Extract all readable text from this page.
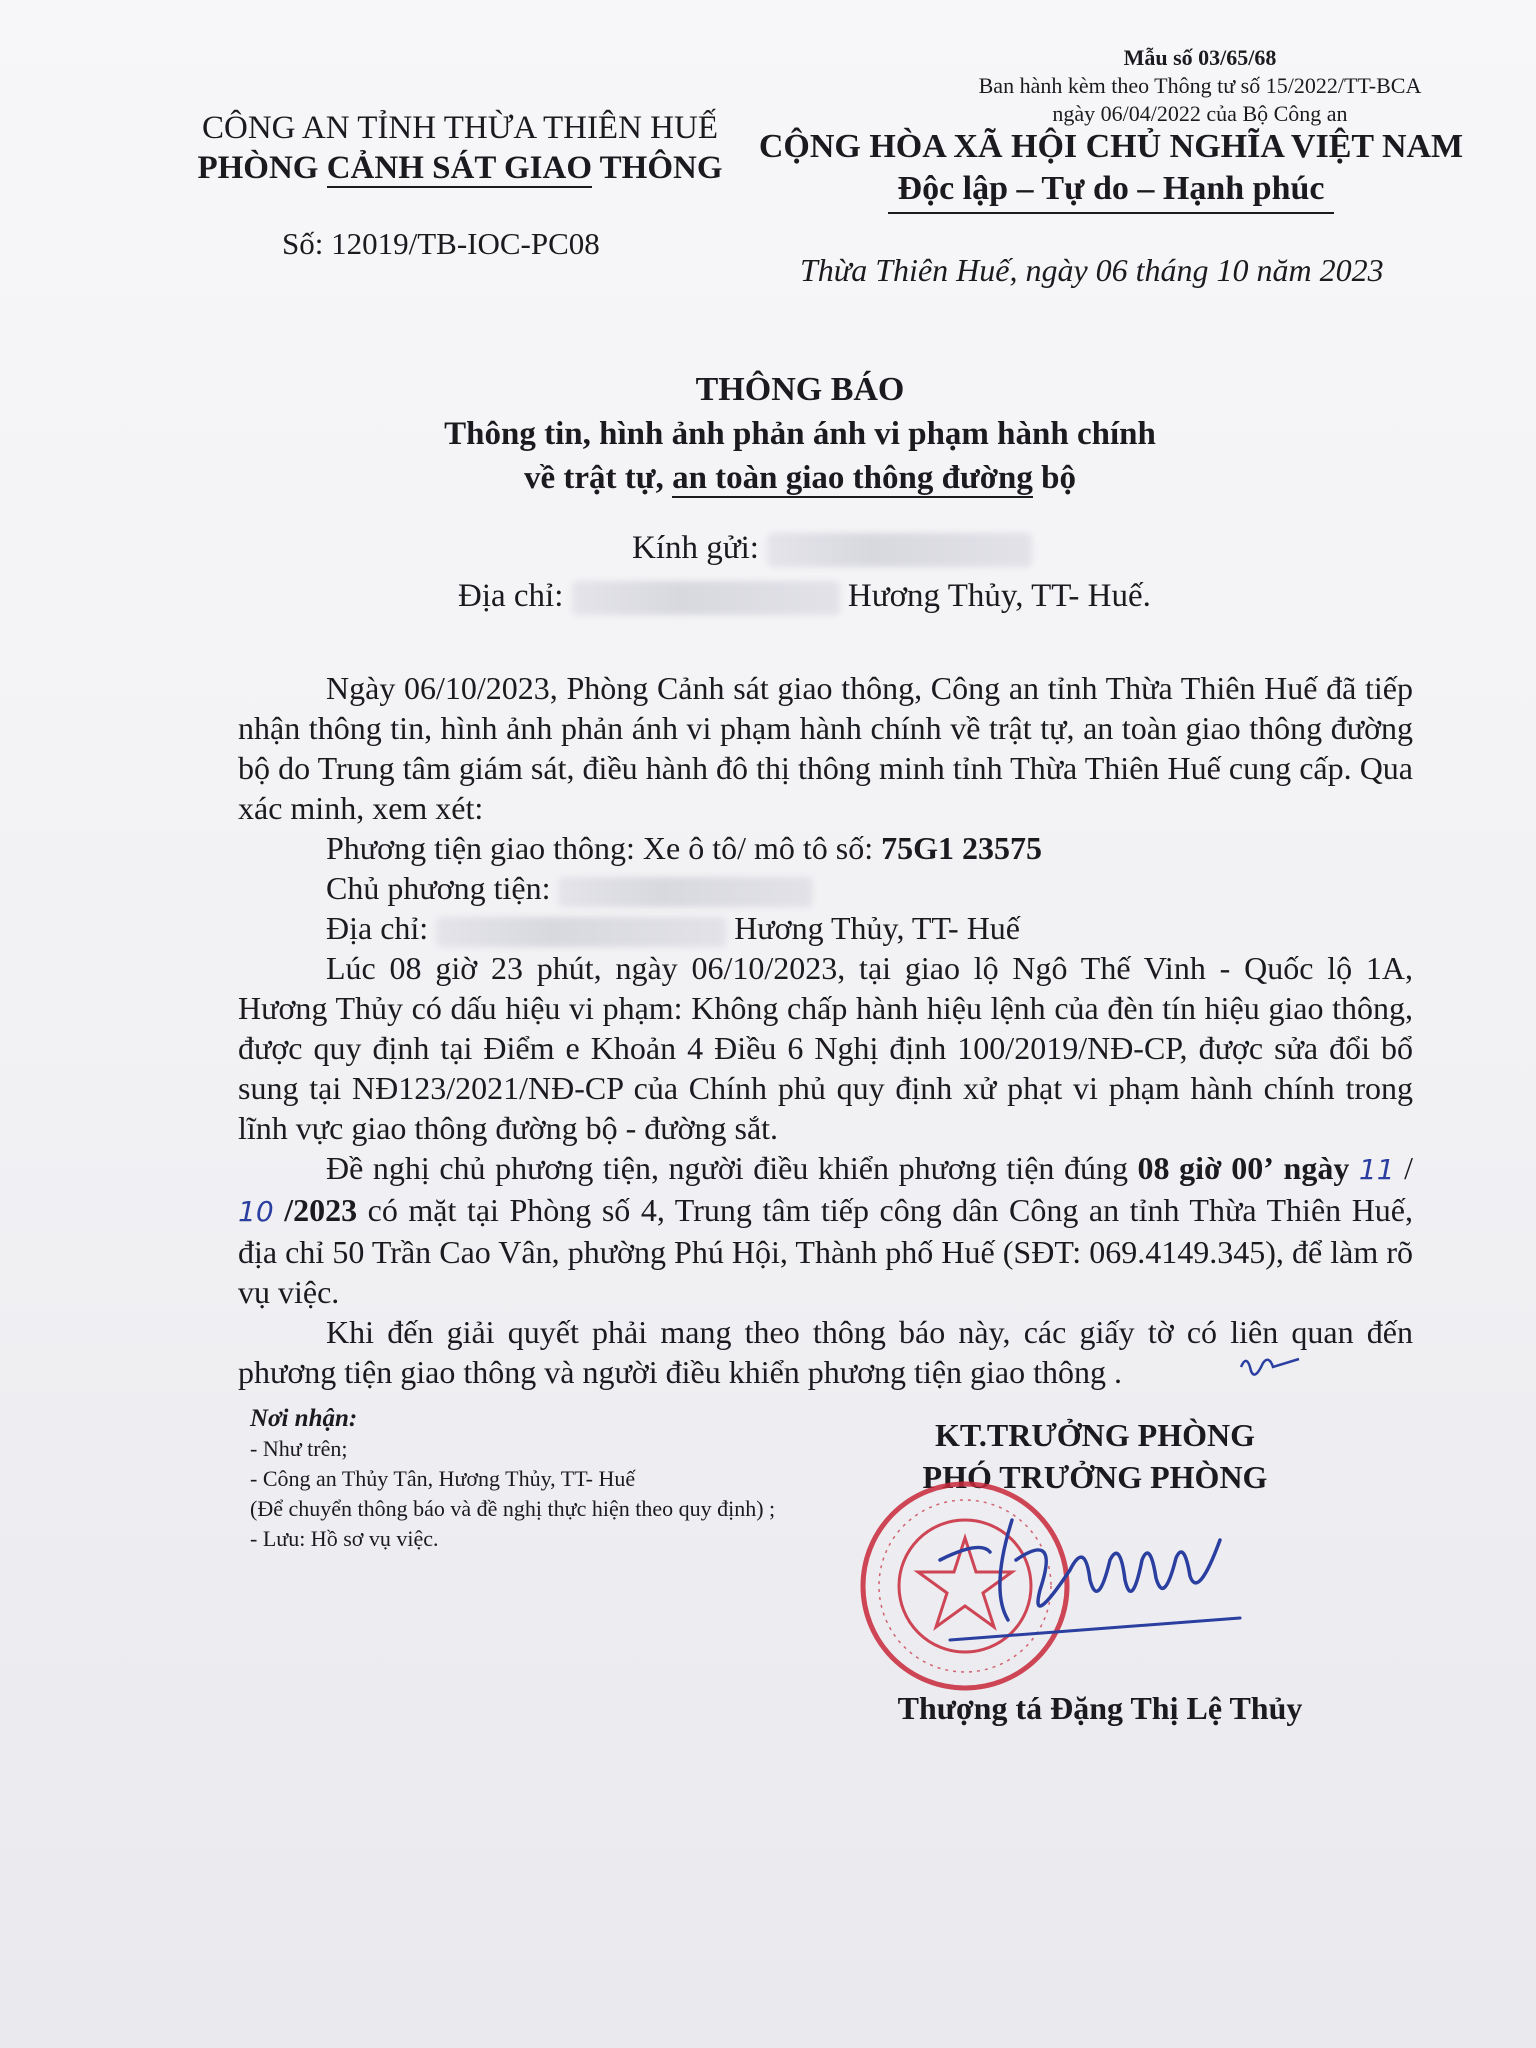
Mẫu số 03/65/68
Ban hành kèm theo Thông tư số 15/2022/TT-BCA
ngày 06/04/2022 của Bộ Công an
CÔNG AN TỈNH THỪA THIÊN HUẾ
PHÒNG CẢNH SÁT GIAO THÔNG
Số: 12019/TB-IOC-PC08
CỘNG HÒA XÃ HỘI CHỦ NGHĨA VIỆT NAM
Độc lập – Tự do – Hạnh phúc
Thừa Thiên Huế, ngày 06 tháng 10 năm 2023
THÔNG BÁO
Thông tin, hình ảnh phản ánh vi phạm hành chính
về trật tự, an toàn giao thông đường bộ
Kính gửi:
Địa chỉ:	Hương Thủy, TT- Huế.

Ngày 06/10/2023, Phòng Cảnh sát giao thông, Công an tỉnh Thừa Thiên Huế đã tiếp nhận thông tin, hình ảnh phản ánh vi phạm hành chính về trật tự, an toàn giao thông đường bộ do Trung tâm giám sát, điều hành đô thị thông minh tỉnh Thừa Thiên Huế cung cấp. Qua xác minh, xem xét:

Phương tiện giao thông: Xe ô tô/ mô tô số: 75G1 23575
Chủ phương tiện:
Địa chỉ:	Hương Thủy, TT- Huế

Lúc 08 giờ 23 phút, ngày 06/10/2023, tại giao lộ Ngô Thế Vinh - Quốc lộ 1A, Hương Thủy có dấu hiệu vi phạm: Không chấp hành hiệu lệnh của đèn tín hiệu giao thông, được quy định tại Điểm e Khoản 4 Điều 6 Nghị định 100/2019/NĐ-CP, được sửa đổi bổ sung tại NĐ123/2021/NĐ-CP của Chính phủ quy định xử phạt vi phạm hành chính trong lĩnh vực giao thông đường bộ - đường sắt.

Đề nghị chủ phương tiện, người điều khiển phương tiện đúng 08 giờ 00’ ngày 11 / 10 /2023 có mặt tại Phòng số 4, Trung tâm tiếp công dân Công an tỉnh Thừa Thiên Huế, địa chỉ 50 Trần Cao Vân, phường Phú Hội, Thành phố Huế (SĐT: 069.4149.345), để làm rõ vụ việc.

Khi đến giải quyết phải mang theo thông báo này, các giấy tờ có liên quan đến phương tiện giao thông và người điều khiển phương tiện giao thông .

Nơi nhận:
- Như trên;
- Công an Thủy Tân, Hương Thủy, TT- Huế
(Để chuyển thông báo và đề nghị thực hiện theo quy định) ;
- Lưu: Hồ sơ vụ việc.
KT.TRƯỞNG PHÒNG
PHÓ TRƯỞNG PHÒNG
Thượng tá Đặng Thị Lệ Thủy
